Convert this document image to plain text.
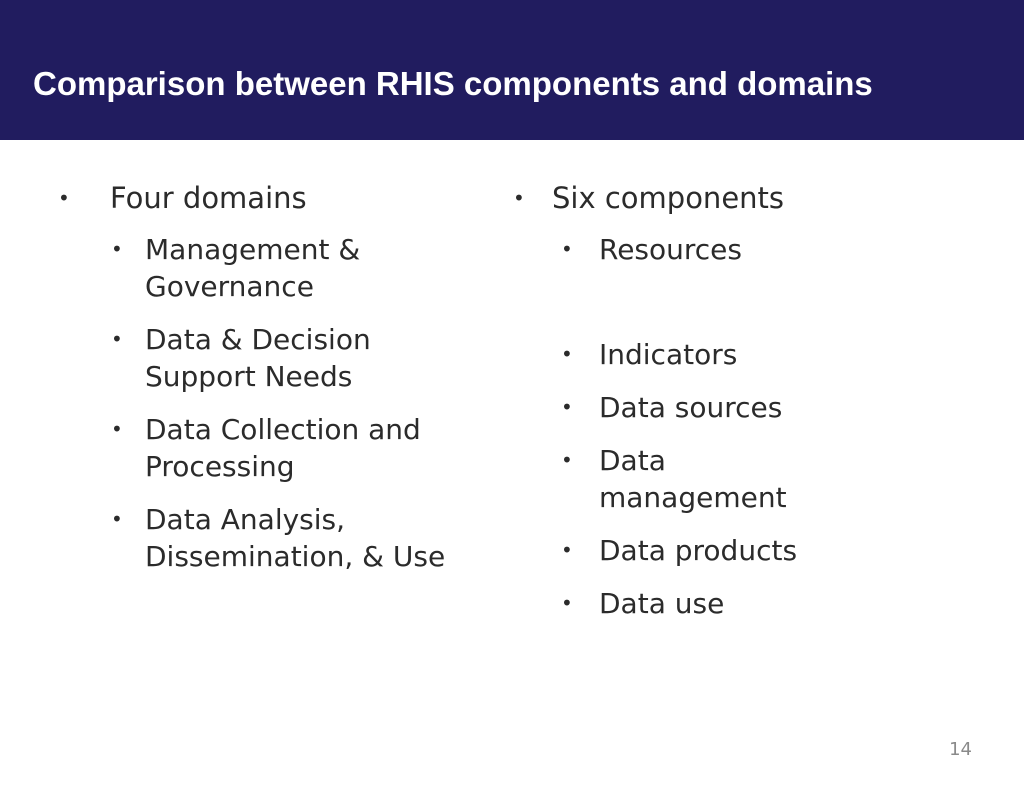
Comparison between RHIS components and domains
• Four domains
• Management &
Governance
• Data & Decision
Support Needs
• Data Collection and
Processing
• Data Analysis,
Dissemination, & Use
• Six components
• Resources
• Indicators
• Data sources
• Data
management
• Data products
• Data use
14
